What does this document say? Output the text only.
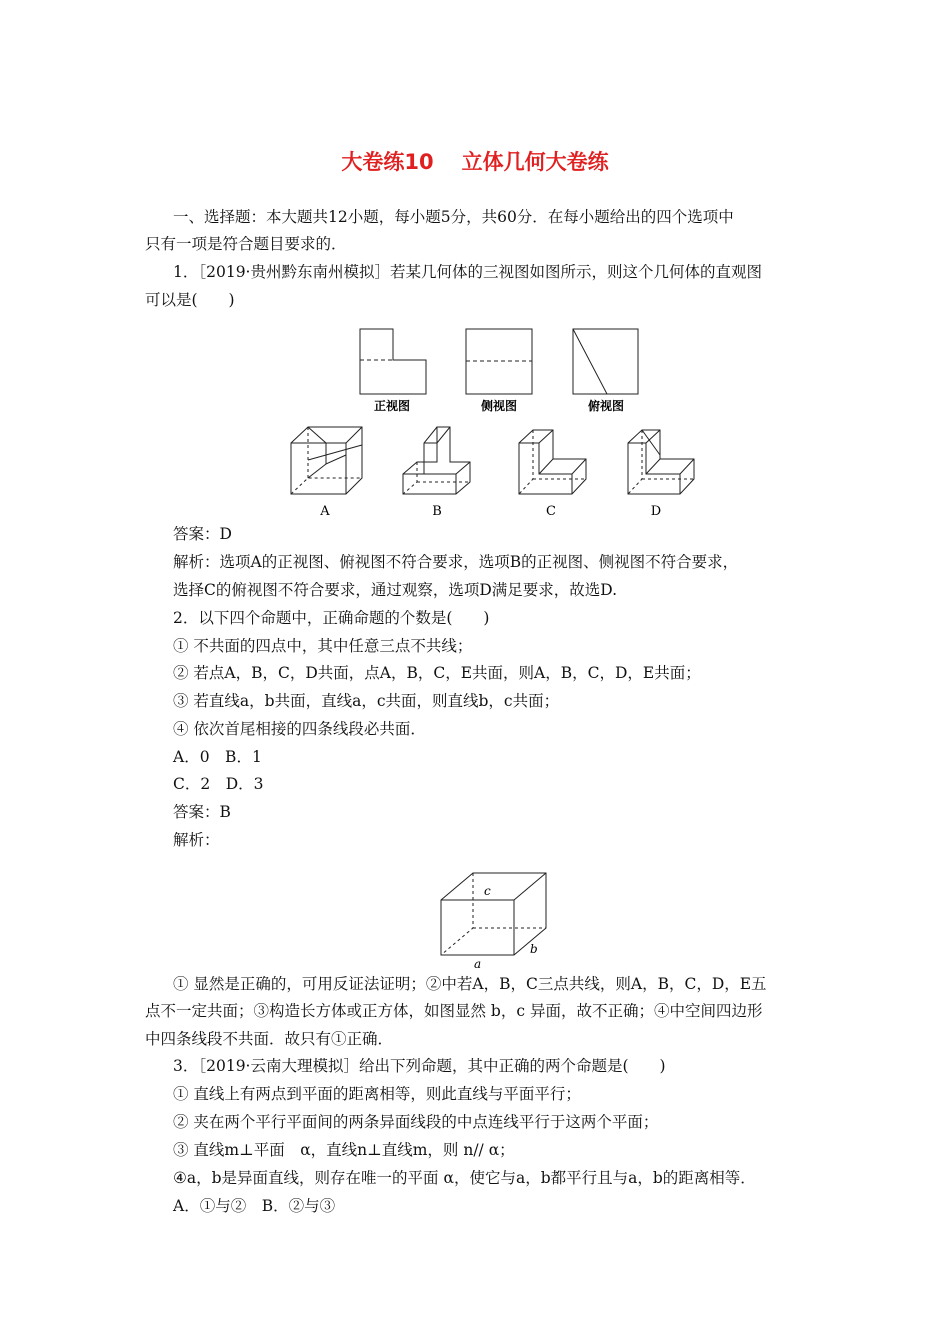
大卷练10 立体几何大卷练
一、选择题：本大题共12小题，每小题5分，共60分．在每小题给出的四个选项中
只有一项是符合题目要求的．
1．［2019·贵州黔东南州模拟］若某几何体的三视图如图所示，则这个几何体的直观图
可以是(　　)
正视图	侧视图	俯视图
A	B	C	D
c
b
a
答案：D
解析：选项A的正视图、俯视图不符合要求，选项B的正视图、侧视图不符合要求，
选择C的俯视图不符合要求，通过观察，选项D满足要求，故选D.
2．以下四个命题中，正确命题的个数是(　　)
① 不共面的四点中，其中任意三点不共线；
② 若点A，B，C，D共面，点A，B，C，E共面，则A，B，C，D，E共面；
③ 若直线a，b共面，直线a，c共面，则直线b，c共面；
④ 依次首尾相接的四条线段必共面．
A．0　B．1
C．2　D．3
答案：B
解析：
① 显然是正确的，可用反证法证明；②中若A，B，C三点共线，则A，B，C，D，E五
点不一定共面；③构造长方体或正方体，如图显然 b，c 异面，故不正确；④中空间四边形
中四条线段不共面．故只有①正确．
3．［2019·云南大理模拟］给出下列命题，其中正确的两个命题是(　　)
① 直线上有两点到平面的距离相等，则此直线与平面平行；
② 夹在两个平行平面间的两条异面线段的中点连线平行于这两个平面；
③ 直线m⊥平面　α，直线n⊥直线m，则 n// α；
④a，b是异面直线，则存在唯一的平面 α，使它与a，b都平行且与a，b的距离相等．
A．①与②　B．②与③
